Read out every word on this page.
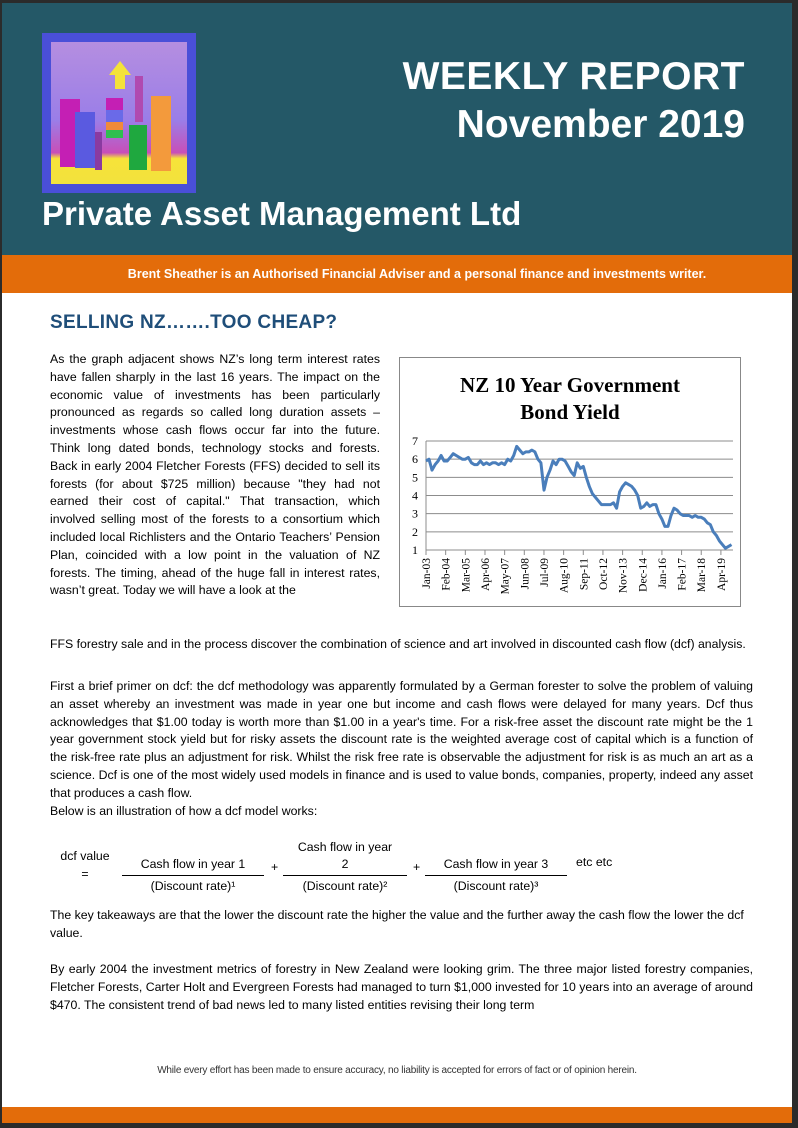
WEEKLY REPORT
November 2019
Private Asset Management Ltd
Brent Sheather is an Authorised Financial Adviser and a personal finance and investments writer.
SELLING NZ…….TOO CHEAP?
As the graph adjacent shows NZ’s long term interest rates have fallen sharply in the last 16 years. The impact on the economic value of investments has been particularly pronounced as regards so called long duration assets – investments whose cash flows occur far into the future. Think long dated bonds, technology stocks and forests. Back in early 2004 Fletcher Forests (FFS) decided to sell its forests (for about $725 million) because "they had not earned their cost of capital." That transaction, which involved selling most of the forests to a consortium which included local Richlisters and the Ontario Teachers’ Pension Plan, coincided with a low point in the valuation of NZ forests. The timing, ahead of the huge fall in interest rates, wasn’t great. Today we will have a look at the
NZ 10 Year Government
Bond Yield
1
2
3
4
5
6
7
Jan-03 Feb-04 Mar-05 Apr-06 May-07 Jun-08 Jul-09 Aug-10 Sep-11 Oct-12 Nov-13 Dec-14 Jan-16 Feb-17 Mar-18 Apr-19
FFS forestry sale and in the process discover the combination of science and art involved in discounted cash flow (dcf) analysis.
First a brief primer on dcf: the dcf methodology was apparently formulated by a German forester to solve the problem of valuing an asset whereby an investment was made in year one but income and cash flows were delayed for many years. Dcf thus acknowledges that $1.00 today is worth more than $1.00 in a year's time. For a risk-free asset the discount rate might be the 1 year government stock yield but for risky assets the discount rate is the weighted average cost of capital which is a function of the risk-free rate plus an adjustment for risk. Whilst the risk free rate is observable the adjustment for risk is as much an art as a science. Dcf is one of the most widely used models in finance and is used to value bonds, companies, property, indeed any asset that produces a cash flow.
Below is an illustration of how a dcf model works:
dcf value
=
Cash flow in year 1
(Discount rate)¹
+
Cash flow in year 2
(Discount rate)²
+ Cash flow in year 3
(Discount rate)³
etc etc
The key takeaways are that the lower the discount rate the higher the value and the further away the cash flow the lower the dcf value.
By early 2004 the investment metrics of forestry in New Zealand were looking grim. The three major listed forestry companies, Fletcher Forests, Carter Holt and Evergreen Forests had managed to turn $1,000 invested for 10 years into an average of around $470. The consistent trend of bad news led to many listed entities revising their long term
While every effort has been made to ensure accuracy, no liability is accepted for errors of fact or of opinion herein.
